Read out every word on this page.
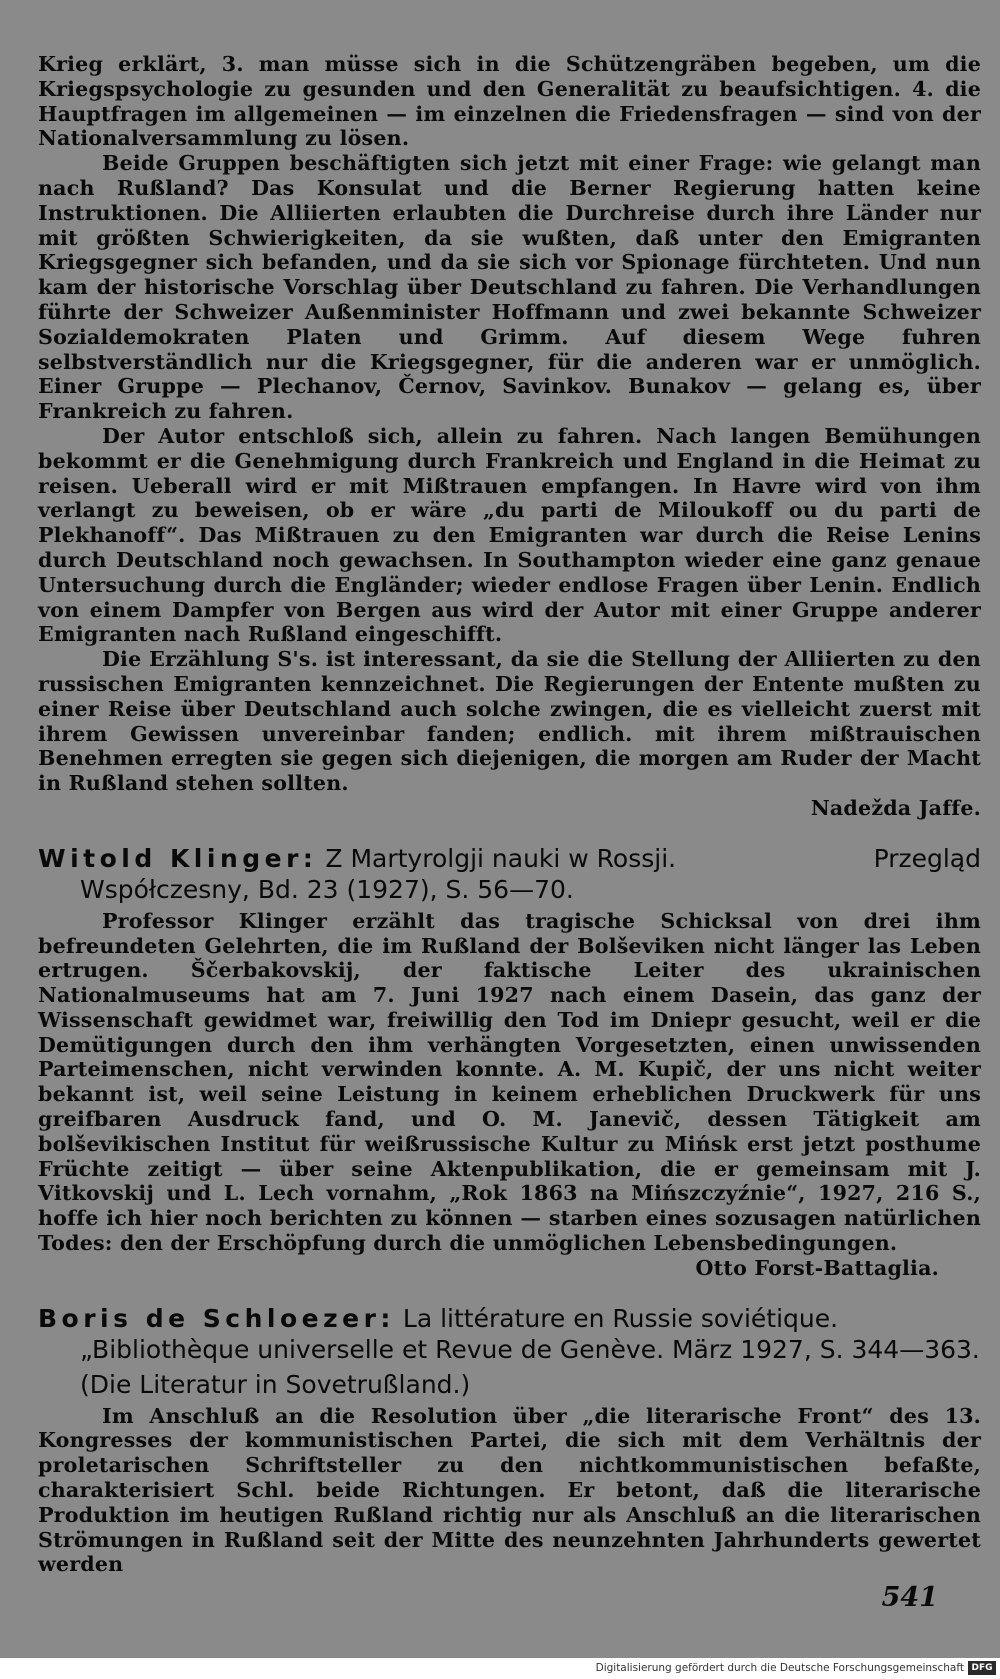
Krieg erklärt, 3. man müsse sich in die Schützengräben begeben, um die Kriegspsychologie zu gesunden und den Generalität zu beaufsichtigen. 4. die Hauptfragen im allgemeinen — im einzelnen die Friedensfragen — sind von der Nationalversammlung zu lösen.

Beide Gruppen beschäftigten sich jetzt mit einer Frage: wie gelangt man nach Rußland? Das Konsulat und die Berner Regierung hatten keine Instruktionen. Die Alliierten erlaubten die Durchreise durch ihre Länder nur mit größten Schwierigkeiten, da sie wußten, daß unter den Emigranten Kriegsgegner sich befanden, und da sie sich vor Spionage fürchteten. Und nun kam der historische Vorschlag über Deutschland zu fahren. Die Verhandlungen führte der Schweizer Außenminister Hoffmann und zwei bekannte Schweizer Sozialdemokraten Platen und Grimm. Auf diesem Wege fuhren selbstverständlich nur die Kriegsgegner, für die anderen war er unmöglich. Einer Gruppe — Plechanov, Černov, Savinkov. Bunakov — gelang es, über Frankreich zu fahren.

Der Autor entschloß sich, allein zu fahren. Nach langen Bemühungen bekommt er die Genehmigung durch Frankreich und England in die Heimat zu reisen. Ueberall wird er mit Mißtrauen empfangen. In Havre wird von ihm verlangt zu beweisen, ob er wäre „du parti de Miloukoff ou du parti de Plekhanoff“. Das Mißtrauen zu den Emigranten war durch die Reise Lenins durch Deutschland noch gewachsen. In Southampton wieder eine ganz genaue Untersuchung durch die Engländer; wieder endlose Fragen über Lenin. Endlich von einem Dampfer von Bergen aus wird der Autor mit einer Gruppe anderer Emigranten nach Rußland eingeschifft.

Die Erzählung S's. ist interessant, da sie die Stellung der Alliierten zu den russischen Emigranten kennzeichnet. Die Regierungen der Entente mußten zu einer Reise über Deutschland auch solche zwingen, die es vielleicht zuerst mit ihrem Gewissen unvereinbar fanden; endlich. mit ihrem mißtrauischen Benehmen erregten sie gegen sich diejenigen, die morgen am Ruder der Macht in Rußland stehen sollten.

Nadežda Jaffe.

Witold Klinger: Z Martyrolgji nauki w Rossji.	Przegląd
Współczesny, Bd. 23 (1927), S. 56—70.

Professor Klinger erzählt das tragische Schicksal von drei ihm befreundeten Gelehrten, die im Rußland der Bolševiken nicht länger las Leben ertrugen. Ščerbakovskij, der faktische Leiter des ukrainischen Nationalmuseums hat am 7. Juni 1927 nach einem Dasein, das ganz der Wissenschaft gewidmet war, freiwillig den Tod im Dniepr gesucht, weil er die Demütigungen durch den ihm verhängten Vorgesetzten, einen unwissenden Parteimenschen, nicht verwinden konnte. A. M. Kupič, der uns nicht weiter bekannt ist, weil seine Leistung in keinem erheblichen Druckwerk für uns greifbaren Ausdruck fand, und O. M. Janevič, dessen Tätigkeit am bolševikischen Institut für weißrussische Kultur zu Mińsk erst jetzt posthume Früchte zeitigt — über seine Aktenpublikation, die er gemeinsam mit J. Vitkovskij und L. Lech vornahm, „Rok 1863 na Mińszczyźnie“, 1927, 216 S., hoffe ich hier noch berichten zu können — starben eines sozusagen natürlichen Todes: den der Erschöpfung durch die unmöglichen Lebensbedingungen.

Otto Forst-Battaglia.

Boris de Schloezer: La littérature en Russie soviétique.
„Bibliothèque universelle et Revue de Genève. März 1927, S. 344—363.
(Die Literatur in Sovetrußland.)

Im Anschluß an die Resolution über „die literarische Front“ des 13. Kongresses der kommunistischen Partei, die sich mit dem Verhältnis der proletarischen Schriftsteller zu den nichtkommunistischen befaßte, charakterisiert Schl. beide Richtungen. Er betont, daß die literarische Produktion im heutigen Rußland richtig nur als Anschluß an die literarischen Strömungen in Rußland seit der Mitte des neunzehnten Jahrhunderts gewertet werden

541
Digitalisierung gefördert durch die Deutsche Forschungsgemeinschaft DFG
